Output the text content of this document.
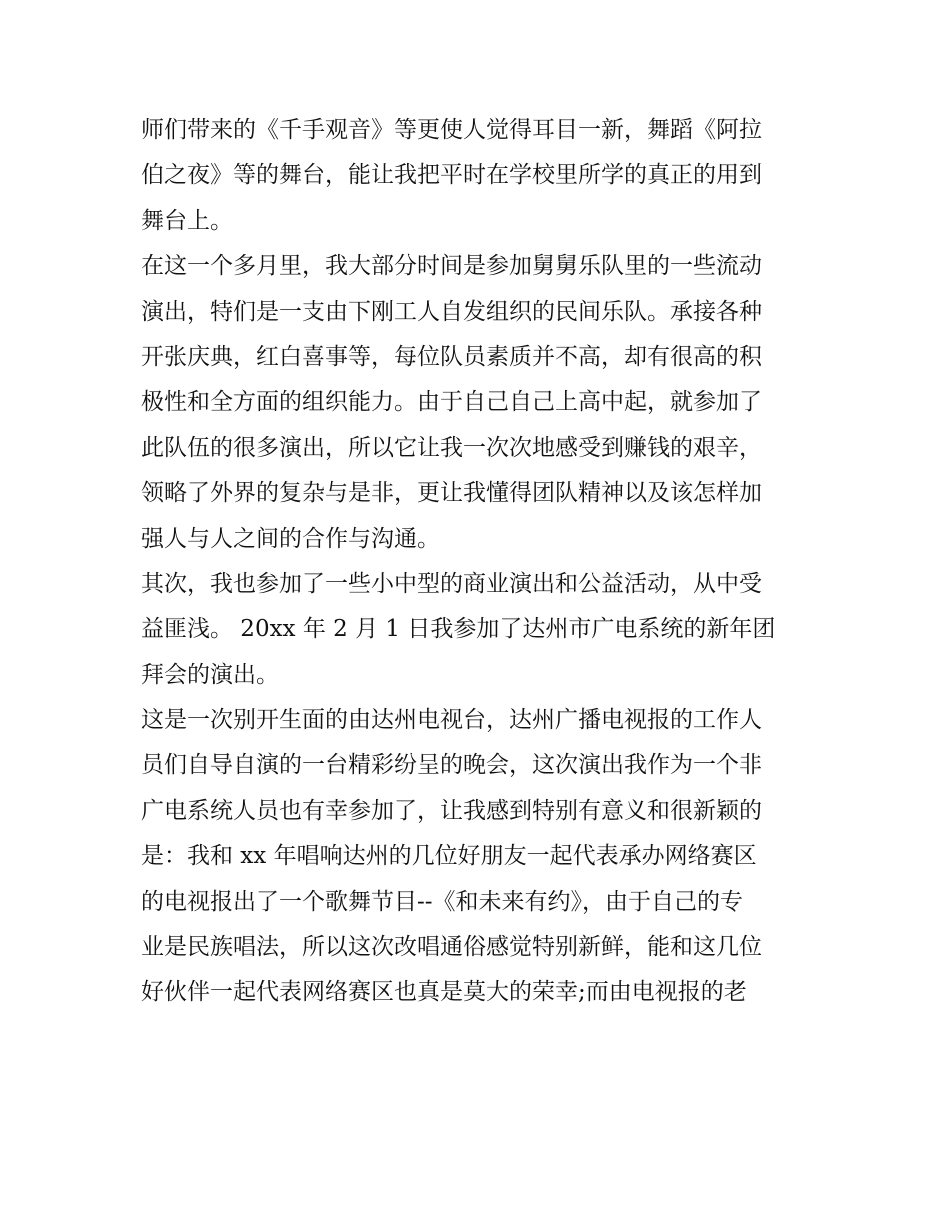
师们带来的《千手观音》等更使人觉得耳目一新，舞蹈《阿拉
伯之夜》等的舞台，能让我把平时在学校里所学的真正的用到
舞台上。
在这一个多月里，我大部分时间是参加舅舅乐队里的一些流动
演出，特们是一支由下刚工人自发组织的民间乐队。承接各种
开张庆典，红白喜事等，每位队员素质并不高，却有很高的积
极性和全方面的组织能力。由于自己自己上高中起，就参加了
此队伍的很多演出，所以它让我一次次地感受到赚钱的艰辛，
领略了外界的复杂与是非，更让我懂得团队精神以及该怎样加
强人与人之间的合作与沟通。
其次，我也参加了一些小中型的商业演出和公益活动，从中受
益匪浅。 20xx 年 2 月 1 日我参加了达州市广电系统的新年团
拜会的演出。
这是一次别开生面的由达州电视台，达州广播电视报的工作人
员们自导自演的一台精彩纷呈的晚会，这次演出我作为一个非
广电系统人员也有幸参加了，让我感到特别有意义和很新颖的
是：我和 xx 年唱响达州的几位好朋友一起代表承办网络赛区
的电视报出了一个歌舞节目--《和未来有约》，由于自己的专
业是民族唱法，所以这次改唱通俗感觉特别新鲜，能和这几位
好伙伴一起代表网络赛区也真是莫大的荣幸;而由电视报的老
